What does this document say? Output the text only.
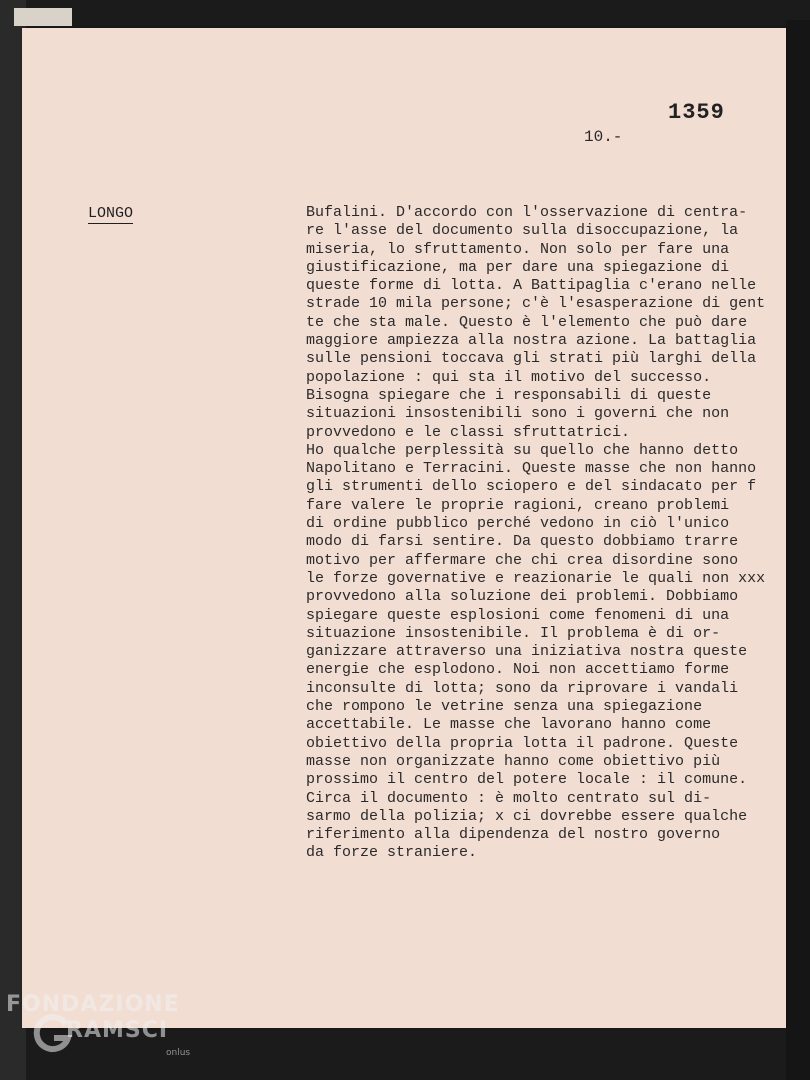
1359
10.-
LONGO	Bufalini. D'accordo con l'osservazione di centra-
re l'asse del documento sulla disoccupazione, la
miseria, lo sfruttamento. Non solo per fare una
giustificazione, ma per dare una spiegazione di
queste forme di lotta. A Battipaglia c'erano nelle
strade 10 mila persone; c'è l'esasperazione di gent
te che sta male. Questo è l'elemento che può dare
maggiore ampiezza alla nostra azione. La battaglia
sulle pensioni toccava gli strati più larghi della
popolazione : qui sta il motivo del successo.
Bisogna spiegare che i responsabili di queste
situazioni insostenibili sono i governi che non
provvedono e le classi sfruttatrici.
Ho qualche perplessità su quello che hanno detto
Napolitano e Terracini. Queste masse che non hanno
gli strumenti dello sciopero e del sindacato per f
fare valere le proprie ragioni, creano problemi
di ordine pubblico perché vedono in ciò l'unico
modo di farsi sentire. Da questo dobbiamo trarre
motivo per affermare che chi crea disordine sono
le forze governative e reazionarie le quali non xxx
provvedono alla soluzione dei problemi. Dobbiamo
spiegare queste esplosioni come fenomeni di una
situazione insostenibile. Il problema è di or-
ganizzare attraverso una iniziativa nostra queste
energie che esplodono. Noi non accettiamo forme
inconsulte di lotta; sono da riprovare i vandali
che rompono le vetrine senza una spiegazione
accettabile. Le masse che lavorano hanno come
obiettivo della propria lotta il padrone. Queste
masse non organizzate hanno come obiettivo più
prossimo il centro del potere locale : il comune.
Circa il documento : è molto centrato sul di-
sarmo della polizia; x ci dovrebbe essere qualche
riferimento alla dipendenza del nostro governo
da forze straniere.
FONDAZIONE
RAMSCI
onlus
